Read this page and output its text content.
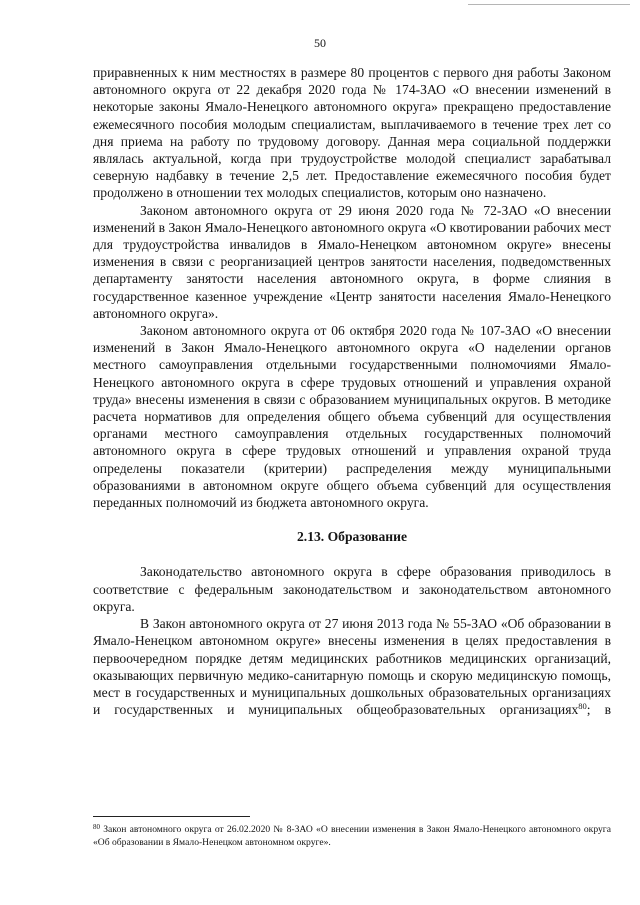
50

приравненных к ним местностях в размере 80 процентов с первого дня работы Законом автономного округа от 22 декабря 2020 года № 174-ЗАО «О внесении изменений в некоторые законы Ямало-Ненецкого автономного округа» прекращено предоставление ежемесячного пособия молодым специалистам, выплачиваемого в течение трех лет со дня приема на работу по трудовому договору. Данная мера социальной поддержки являлась актуальной, когда при трудоустройстве молодой специалист зарабатывал северную надбавку в течение 2,5 лет. Предоставление ежемесячного пособия будет продолжено в отношении тех молодых специалистов, которым оно назначено.

Законом автономного округа от 29 июня 2020 года № 72-ЗАО «О внесении изменений в Закон Ямало-Ненецкого автономного округа «О квотировании рабочих мест для трудоустройства инвалидов в Ямало-Ненецком автономном округе» внесены изменения в связи с реорганизацией центров занятости населения, подведомственных департаменту занятости населения автономного округа, в форме слияния в государственное казенное учреждение «Центр занятости населения Ямало-Ненецкого автономного округа».

Законом автономного округа от 06 октября 2020 года № 107-ЗАО «О внесении изменений в Закон Ямало-Ненецкого автономного округа «О наделении органов местного самоуправления отдельными государственными полномочиями Ямало-Ненецкого автономного округа в сфере трудовых отношений и управления охраной труда» внесены изменения в связи с образованием муниципальных округов. В методике расчета нормативов для определения общего объема субвенций для осуществления органами местного самоуправления отдельных государственных полномочий автономного округа в сфере трудовых отношений и управления охраной труда определены показатели (критерии) распределения между муниципальными образованиями в автономном округе общего объема субвенций для осуществления переданных полномочий из бюджета автономного округа.

2.13. Образование

Законодательство автономного округа в сфере образования приводилось в соответствие с федеральным законодательством и законодательством автономного округа.

В Закон автономного округа от 27 июня 2013 года № 55-ЗАО «Об образовании в Ямало-Ненецком автономном округе» внесены изменения в целях предоставления в первоочередном порядке детям медицинских работников медицинских организаций, оказывающих первичную медико-санитарную помощь и скорую медицинскую помощь, мест в государственных и муниципальных дошкольных образовательных организациях и государственных и муниципальных общеобразовательных организациях$^{80}$; в

$^{80}$ Закон автономного округа от 26.02.2020 № 8-ЗАО «О внесении изменения в Закон Ямало-Ненецкого автономного округа «Об образовании в Ямало-Ненецком автономном округе».
